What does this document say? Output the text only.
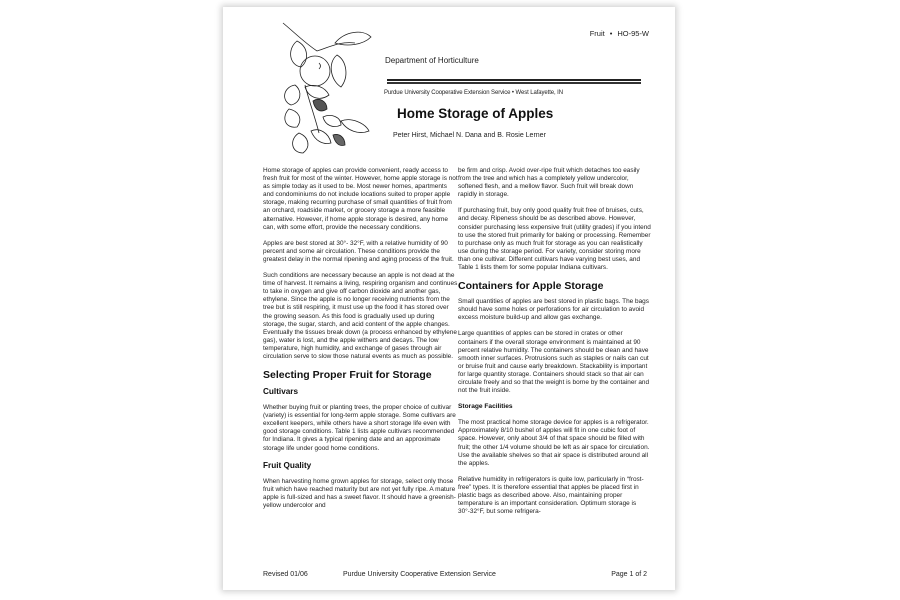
Fruit • HO-95-W
Department of Horticulture
Purdue University Cooperative Extension Service • West Lafayette, IN
Home Storage of Apples
Peter Hirst, Michael N. Dana and B. Rosie Lerner

Home storage of apples can provide convenient, ready access to fresh fruit for most of the winter. However, home apple storage is not as simple today as it used to be. Most newer homes, apartments and condominiums do not include locations suited to proper apple storage, making recurring purchase of small quantities of fruit from an orchard, roadside market, or grocery storage a more feasible alternative. However, if home apple storage is desired, any home can, with some effort, provide the necessary conditions.

Apples are best stored at 30°- 32°F, with a relative humidity of 90 percent and some air circulation. These conditions provide the greatest delay in the normal ripening and aging process of the fruit.

Such conditions are necessary because an apple is not dead at the time of harvest. It remains a living, respiring organism and continues to take in oxygen and give off carbon dioxide and another gas, ethylene. Since the apple is no longer receiving nutrients from the tree but is still respiring, it must use up the food it has stored over the growing season. As this food is gradually used up during storage, the sugar, starch, and acid content of the apple changes. Eventually the tissues break down (a process enhanced by ethylene gas), water is lost, and the apple withers and decays. The low temperature, high humidity, and exchange of gases through air circulation serve to slow those natural events as much as possible.

Selecting Proper Fruit for Storage
Cultivars

Whether buying fruit or planting trees, the proper choice of cultivar (variety) is essential for long-term apple storage. Some cultivars are excellent keepers, while others have a short storage life even with good storage conditions. Table 1 lists apple cultivars recommended for Indiana. It gives a typical ripening date and an approximate storage life under good home conditions.

Fruit Quality

When harvesting home grown apples for storage, select only those fruit which have reached maturity but are not yet fully ripe. A mature apple is full-sized and has a sweet flavor. It should have a greenish-yellow undercolor and

be firm and crisp. Avoid over-ripe fruit which detaches too easily from the tree and which has a completely yellow undercolor, softened flesh, and a mellow flavor. Such fruit will break down rapidly in storage.

If purchasing fruit, buy only good quality fruit free of bruises, cuts, and decay. Ripeness should be as described above. However, consider purchasing less expensive fruit (utility grades) if you intend to use the stored fruit primarily for baking or processing. Remember to purchase only as much fruit for storage as you can realistically use during the storage period. For variety, consider storing more than one cultivar. Different cultivars have varying best uses, and Table 1 lists them for some popular Indiana cultivars.

Containers for Apple Storage

Small quantities of apples are best stored in plastic bags. The bags should have some holes or perforations for air circulation to avoid excess moisture build-up and allow gas exchange.

Large quantities of apples can be stored in crates or other containers if the overall storage environment is maintained at 90 percent relative humidity. The containers should be clean and have smooth inner surfaces. Protrusions such as staples or nails can cut or bruise fruit and cause early breakdown. Stackability is important for large quantity storage. Containers should stack so that air can circulate freely and so that the weight is borne by the container and not the fruit inside.

Storage Facilities

The most practical home storage device for apples is a refrigerator. Approximately 8/10 bushel of apples will fit in one cubic foot of space. However, only about 3/4 of that space should be filled with fruit; the other 1/4 volume should be left as air space for circulation. Use the available shelves so that air space is distributed around all the apples.

Relative humidity in refrigerators is quite low, particularly in “frost-free” types. It is therefore essential that apples be placed first in plastic bags as described above. Also, maintaining proper temperature is an important consideration. Optimum storage is 30°-32°F, but some refrigera-

Revised 01/06	Purdue University Cooperative Extension Service	Page 1 of 2
